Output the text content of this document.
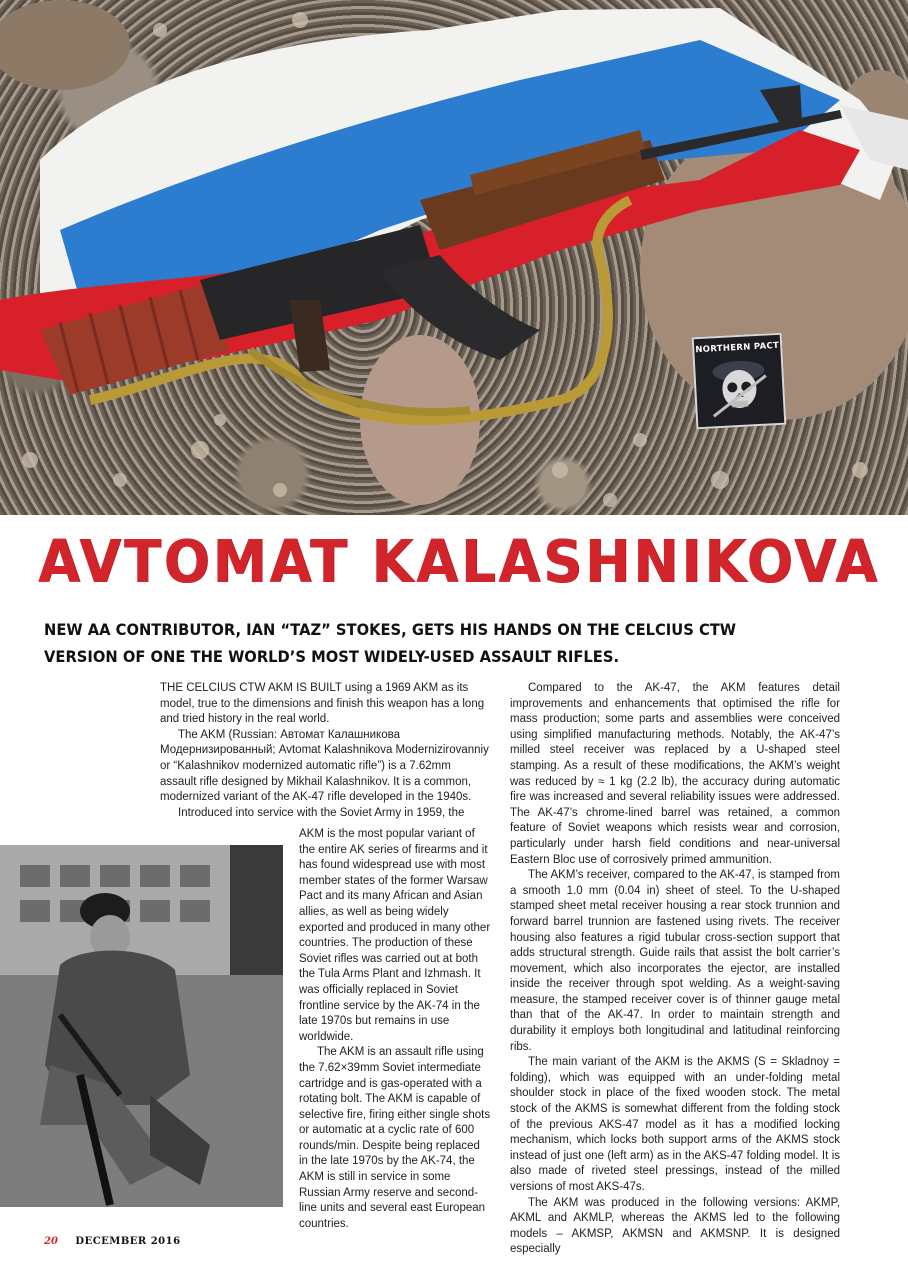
NORTHERN PACT
AVTOMAT KALASHNIKOVA
NEW AA CONTRIBUTOR, IAN “TAZ” STOKES, GETS HIS HANDS ON THE CELCIUS CTW VERSION OF ONE THE WORLD’S MOST WIDELY-USED ASSAULT RIFLES.

THE CELCIUS CTW AKM IS BUILT using a 1969 AKM as its model, true to the dimensions and finish this weapon has a long and tried history in the real world.

The AKM (Russian: Автомат Калашникова Модернизированный; Avtomat Kalashnikova Modernizirovanniy or “Kalashnikov modernized automatic rifle”) is a 7.62mm assault rifle designed by Mikhail Kalashnikov. It is a common, modernized variant of the AK-47 rifle developed in the 1940s.

Introduced into service with the Soviet Army in 1959, the

AKM is the most popular variant of the entire AK series of firearms and it has found widespread use with most member states of the former Warsaw Pact and its many African and Asian allies, as well as being widely exported and produced in many other countries. The production of these Soviet rifles was carried out at both the Tula Arms Plant and Izhmash. It was officially replaced in Soviet frontline service by the AK-74 in the late 1970s but remains in use worldwide.

The AKM is an assault rifle using the 7.62×39mm Soviet intermediate cartridge and is gas-operated with a rotating bolt. The AKM is capable of selective fire, firing either single shots or automatic at a cyclic rate of 600 rounds/min. Despite being replaced in the late 1970s by the AK-74, the AKM is still in service in some Russian Army reserve and second-line units and several east European countries.

Compared to the AK-47, the AKM features detail improvements and enhancements that optimised the rifle for mass production; some parts and assemblies were conceived using simplified manufacturing methods. Notably, the AK-47’s milled steel receiver was replaced by a U-shaped steel stamping. As a result of these modifications, the AKM’s weight was reduced by ≈ 1 kg (2.2 lb), the accuracy during automatic fire was increased and several reliability issues were addressed. The AK-47’s chrome-lined barrel was retained, a common feature of Soviet weapons which resists wear and corrosion, particularly under harsh field conditions and near-universal Eastern Bloc use of corrosively primed ammunition.

The AKM’s receiver, compared to the AK-47, is stamped from a smooth 1.0 mm (0.04 in) sheet of steel. To the U-shaped stamped sheet metal receiver housing a rear stock trunnion and forward barrel trunnion are fastened using rivets. The receiver housing also features a rigid tubular cross-section support that adds structural strength. Guide rails that assist the bolt carrier’s movement, which also incorporates the ejector, are installed inside the receiver through spot welding. As a weight-saving measure, the stamped receiver cover is of thinner gauge metal than that of the AK-47. In order to maintain strength and durability it employs both longitudinal and latitudinal reinforcing ribs.

The main variant of the AKM is the AKMS (S = Skladnoy = folding), which was equipped with an under-folding metal shoulder stock in place of the fixed wooden stock. The metal stock of the AKMS is somewhat different from the folding stock of the previous AKS-47 model as it has a modified locking mechanism, which locks both support arms of the AKMS stock instead of just one (left arm) as in the AKS-47 folding model. It is also made of riveted steel pressings, instead of the milled versions of most AKS-47s.

The AKM was produced in the following versions: AKMP, AKML and AKMLP, whereas the AKMS led to the following models – AKMSP, AKMSN and AKMSNP. It is designed especially

20 DECEMBER 2016
